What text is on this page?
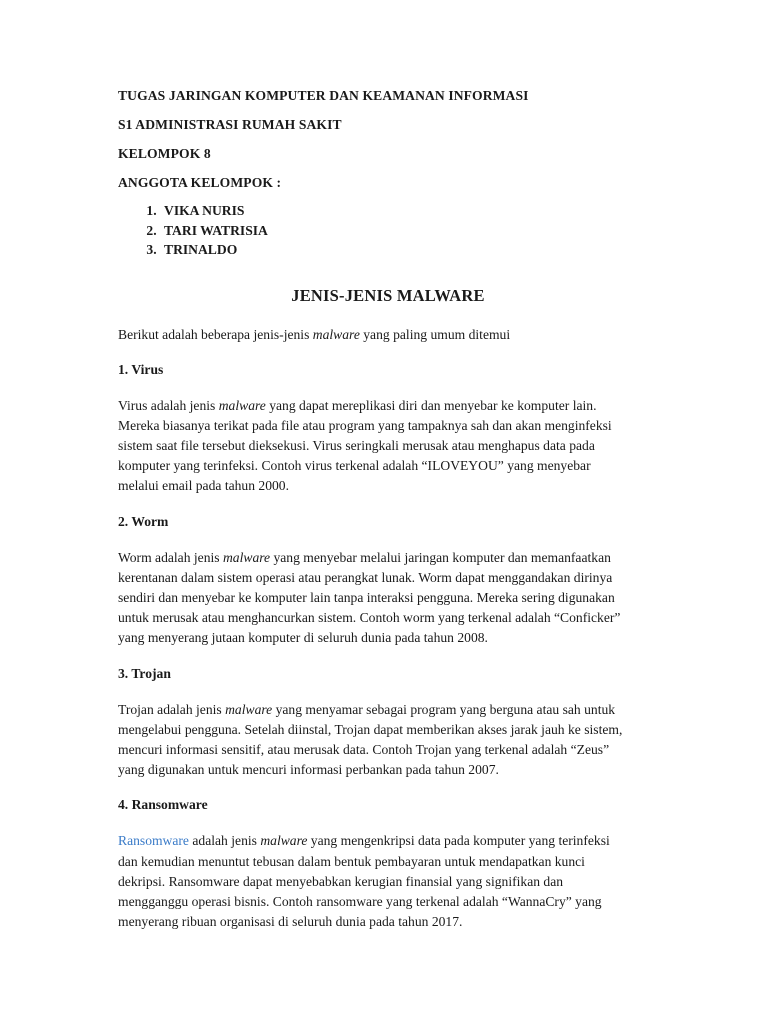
TUGAS JARINGAN KOMPUTER DAN KEAMANAN INFORMASI

S1 ADMINISTRASI RUMAH SAKIT

KELOMPOK 8

ANGGOTA KELOMPOK :

1. VIKA NURIS
2. TARI WATRISIA
3. TRINALDO

JENIS-JENIS MALWARE

Berikut adalah beberapa jenis-jenis malware yang paling umum ditemui

1. Virus

Virus adalah jenis malware yang dapat mereplikasi diri dan menyebar ke komputer lain.
Mereka biasanya terikat pada file atau program yang tampaknya sah dan akan menginfeksi
sistem saat file tersebut dieksekusi. Virus seringkali merusak atau menghapus data pada
komputer yang terinfeksi. Contoh virus terkenal adalah “ILOVEYOU” yang menyebar
melalui email pada tahun 2000.

2. Worm

Worm adalah jenis malware yang menyebar melalui jaringan komputer dan memanfaatkan
kerentanan dalam sistem operasi atau perangkat lunak. Worm dapat menggandakan dirinya
sendiri dan menyebar ke komputer lain tanpa interaksi pengguna. Mereka sering digunakan
untuk merusak atau menghancurkan sistem. Contoh worm yang terkenal adalah “Conficker”
yang menyerang jutaan komputer di seluruh dunia pada tahun 2008.

3. Trojan

Trojan adalah jenis malware yang menyamar sebagai program yang berguna atau sah untuk
mengelabui pengguna. Setelah diinstal, Trojan dapat memberikan akses jarak jauh ke sistem,
mencuri informasi sensitif, atau merusak data. Contoh Trojan yang terkenal adalah “Zeus”
yang digunakan untuk mencuri informasi perbankan pada tahun 2007.

4. Ransomware

Ransomware adalah jenis malware yang mengenkripsi data pada komputer yang terinfeksi
dan kemudian menuntut tebusan dalam bentuk pembayaran untuk mendapatkan kunci
dekripsi. Ransomware dapat menyebabkan kerugian finansial yang signifikan dan
mengganggu operasi bisnis. Contoh ransomware yang terkenal adalah “WannaCry” yang
menyerang ribuan organisasi di seluruh dunia pada tahun 2017.
